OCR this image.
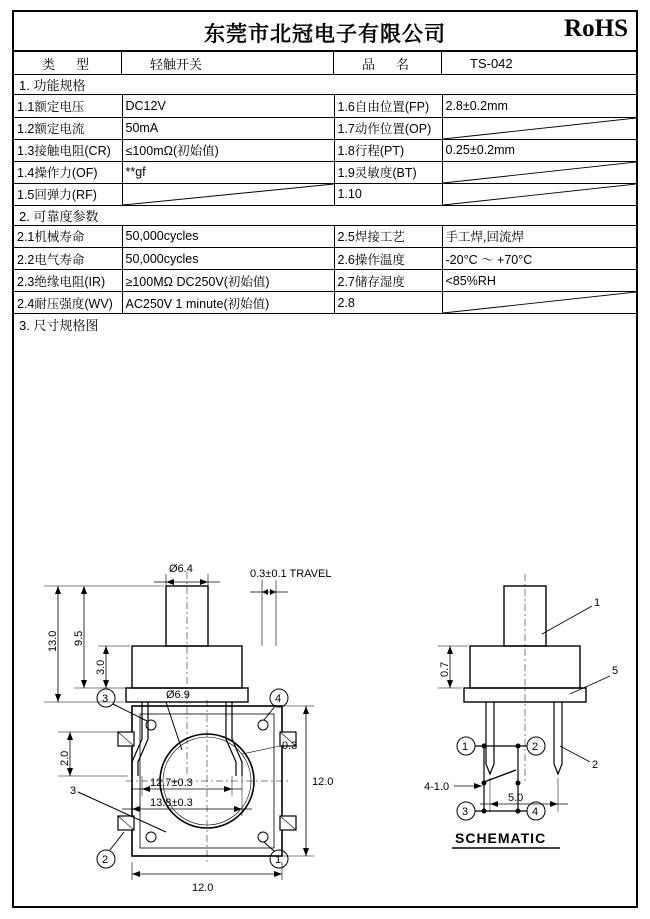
东莞市北冠电子有限公司	RoHS
类　型	轻触开关	品　名	TS-042
1. 功能规格
1.1额定电压	DC12V	1.6自由位置(FP)	2.8±0.2mm
1.2额定电流	50mA	1.7动作位置(OP)	

1.3接触电阻(CR)	≤100mΩ(初始值)	1.8行程(PT)	0.25±0.2mm
1.4操作力(OF)	**gf	1.9灵敏度(BT)	

1.5回弹力(RF)		1.10	
2. 可靠度参数
2.1机械寿命	50,000cycles	2.5焊接工艺	手工焊,回流焊
2.2电气寿命	50,000cycles	2.6操作温度	-20°C ～ +70°C
2.3绝缘电阻(IR)	≥100MΩ DC250V(初始值)	2.7储存湿度	<85%RH
2.4耐压强度(WV)	AC250V 1 minute(初始值)	2.8	
3. 尺寸规格图
Ø6.9
3	4
2	1
3
12.0
12.0
1	2
3	4
SCHEMATIC
Ø6.4	0.3±0.1 TRAVEL
13.0 9.5
3.0
2.0
0.3
12.7±0.3
13.8±0.3
0.7
1
5
2
4-1.0
5.0
